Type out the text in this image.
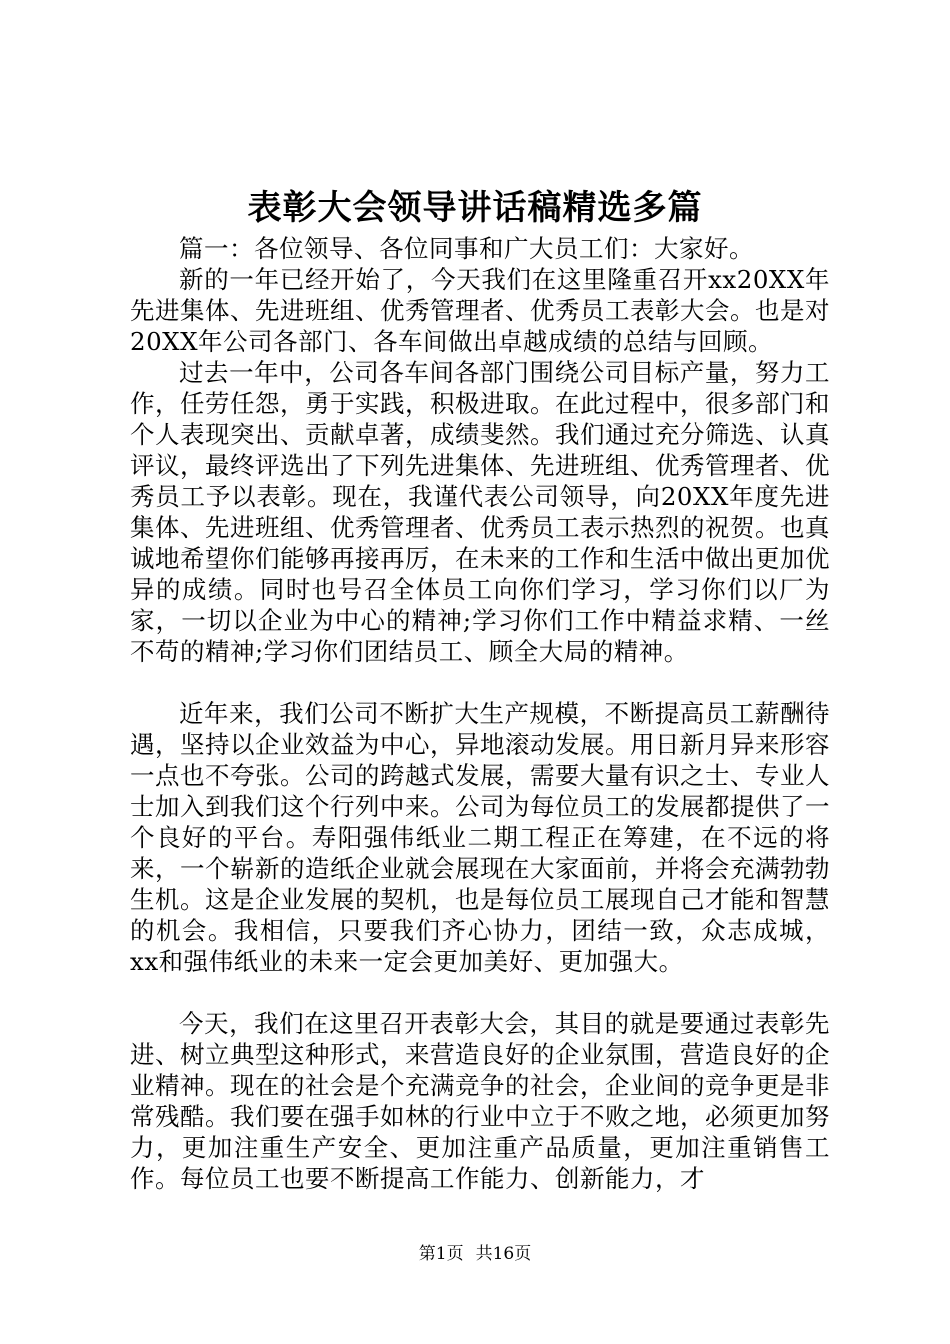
表彰大会领导讲话稿精选多篇

篇一：各位领导、各位同事和广大员工们：大家好。

新的一年已经开始了，今天我们在这里隆重召开xx20XX年先进集体、先进班组、优秀管理者、优秀员工表彰大会。也是对20XX年公司各部门、各车间做出卓越成绩的总结与回顾。

过去一年中，公司各车间各部门围绕公司目标产量，努力工作，任劳任怨，勇于实践，积极进取。在此过程中，很多部门和个人表现突出、贡献卓著，成绩斐然。我们通过充分筛选、认真评议，最终评选出了下列先进集体、先进班组、优秀管理者、优秀员工予以表彰。现在，我谨代表公司领导，向20XX年度先进集体、先进班组、优秀管理者、优秀员工表示热烈的祝贺。也真诚地希望你们能够再接再厉，在未来的工作和生活中做出更加优异的成绩。同时也号召全体员工向你们学习，学习你们以厂为家，一切以企业为中心的精神;学习你们工作中精益求精、一丝不苟的精神;学习你们团结员工、顾全大局的精神。

近年来，我们公司不断扩大生产规模，不断提高员工薪酬待遇，坚持以企业效益为中心，异地滚动发展。用日新月异来形容一点也不夸张。公司的跨越式发展，需要大量有识之士、专业人士加入到我们这个行列中来。公司为每位员工的发展都提供了一个良好的平台。寿阳强伟纸业二期工程正在筹建，在不远的将来，一个崭新的造纸企业就会展现在大家面前，并将会充满勃勃生机。这是企业发展的契机，也是每位员工展现自己才能和智慧的机会。我相信，只要我们齐心协力，团结一致，众志成城，xx和强伟纸业的未来一定会更加美好、更加强大。

今天，我们在这里召开表彰大会，其目的就是要通过表彰先进、树立典型这种形式，来营造良好的企业氛围，营造良好的企业精神。现在的社会是个充满竞争的社会，企业间的竞争更是非常残酷。我们要在强手如林的行业中立于不败之地，必须更加努力，更加注重生产安全、更加注重产品质量，更加注重销售工作。每位员工也要不断提高工作能力、创新能力，才

第1页 共16页
